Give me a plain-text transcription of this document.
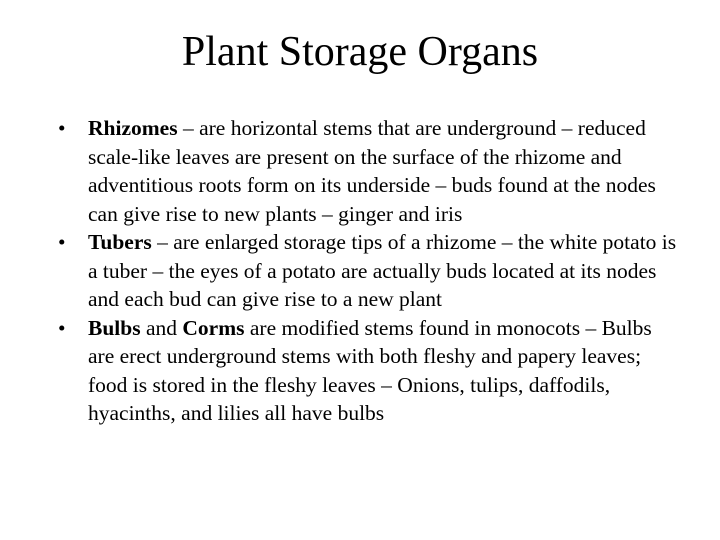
Plant Storage Organs
• Rhizomes – are horizontal stems that are underground – reduced scale-like leaves are present on the surface of the rhizome and adventitious roots form on its underside – buds found at the nodes can give rise to new plants – ginger and iris
• Tubers – are enlarged storage tips of a rhizome – the white potato is a tuber – the eyes of a potato are actually buds located at its nodes and each bud can give rise to a new plant
• Bulbs and Corms are modified stems found in monocots – Bulbs are erect underground stems with both fleshy and papery leaves; food is stored in the fleshy leaves – Onions, tulips, daffodils, hyacinths, and lilies all have bulbs
